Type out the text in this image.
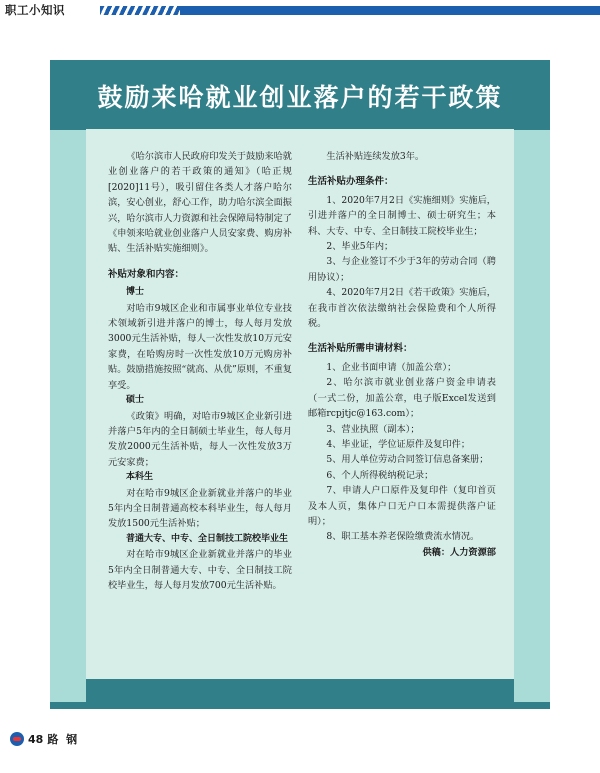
职工小知识
鼓励来哈就业创业落户的若干政策

《哈尔滨市人民政府印发关于鼓励来哈就业创业落户的若干政策的通知》（哈正规[2020]11号），吸引留住各类人才落户哈尔滨，安心创业，舒心工作，助力哈尔滨全面振兴，哈尔滨市人力资源和社会保障局特制定了《申领来哈就业创业落户人员安家费、购房补贴、生活补贴实施细则》。

补贴对象和内容：

博士

对哈市9城区企业和市属事业单位专业技术领域新引进并落户的博士，每人每月发放3000元生活补贴，每人一次性发放10万元安家费，在哈购房时一次性发放10万元购房补贴。鼓励措施按照“就高、从优”原则，不重复享受。

硕士

《政策》明确，对哈市9城区企业新引进并落户5年内的全日制硕士毕业生，每人每月发放2000元生活补贴，每人一次性发放3万元安家费；

本科生

对在哈市9城区企业新就业并落户的毕业5年内全日制普通高校本科毕业生，每人每月发放1500元生活补贴；

普通大专、中专、全日制技工院校毕业生

对在哈市9城区企业新就业并落户的毕业5年内全日制普通大专、中专、全日制技工院校毕业生，每人每月发放700元生活补贴。

生活补贴连续发放3年。

生活补贴办理条件：

1、2020年7月2日《实施细则》实施后，引进并落户的全日制博士、硕士研究生；本科、大专、中专、全日制技工院校毕业生；

2、毕业5年内；

3、与企业签订不少于3年的劳动合同（聘用协议）；

4、2020年7月2日《若干政策》实施后，在我市首次依法缴纳社会保险费和个人所得税。

生活补贴所需申请材料：

1、企业书面申请（加盖公章）；

2、哈尔滨市就业创业落户资金申请表（一式二份，加盖公章，电子版Excel发送到邮箱rcpjtjc@163.com）；

3、营业执照（副本）；

4、毕业证，学位证原件及复印件；

5、用人单位劳动合同签订信息备案册；

6、个人所得税纳税记录；

7、申请人户口原件及复印件（复印首页及本人页，集体户口无户口本需提供落户证明）；

8、职工基本养老保险缴费流水情况。

供稿：人力资源部

48 路 钢
